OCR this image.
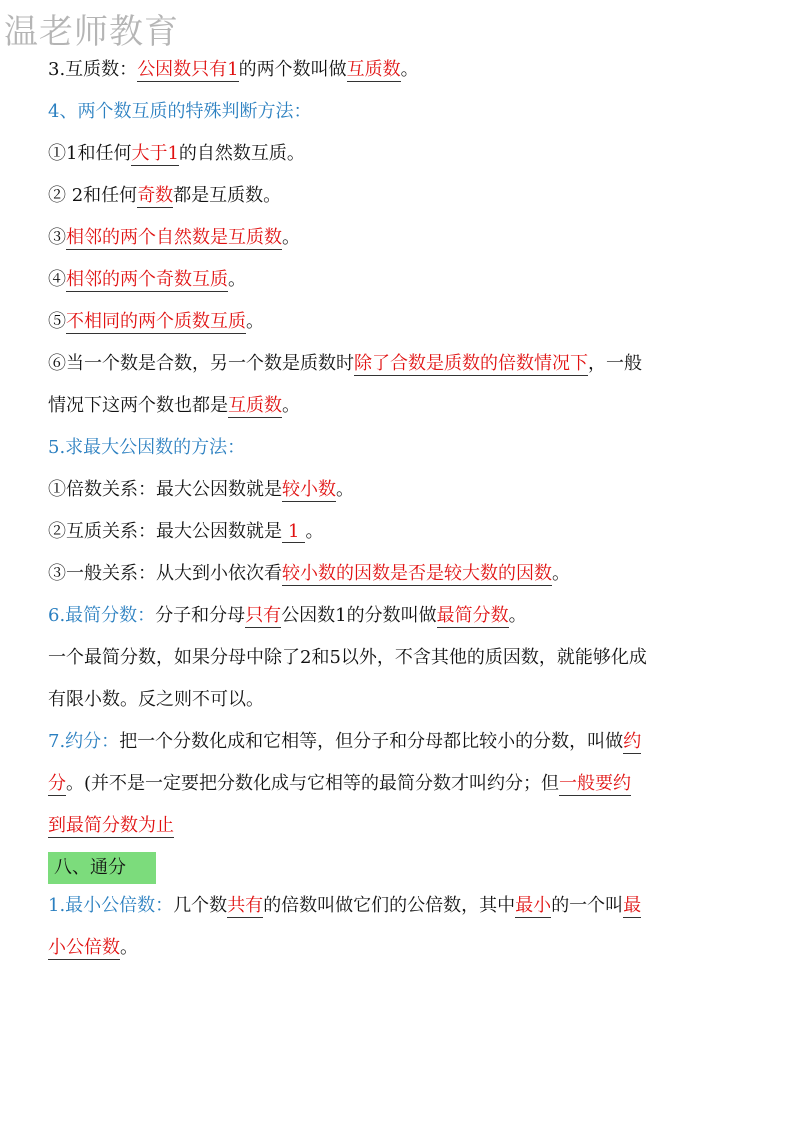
温老师教育
3.互质数：公因数只有1的两个数叫做互质数。
4、两个数互质的特殊判断方法：
①1和任何大于1的自然数互质。
② 2和任何奇数都是互质数。
③相邻的两个自然数是互质数。
④相邻的两个奇数互质。
⑤不相同的两个质数互质。
⑥当一个数是合数，另一个数是质数时除了合数是质数的倍数情况下，一般
情况下这两个数也都是互质数。
5.求最大公因数的方法：
①倍数关系：最大公因数就是较小数。
②互质关系：最大公因数就是 1 。
③一般关系：从大到小依次看较小数的因数是否是较大数的因数。
6.最简分数：分子和分母只有公因数1的分数叫做最简分数。
一个最简分数，如果分母中除了2和5以外，不含其他的质因数，就能够化成
有限小数。反之则不可以。
7.约分：把一个分数化成和它相等，但分子和分母都比较小的分数，叫做约
分。(并不是一定要把分数化成与它相等的最简分数才叫约分；但一般要约
到最简分数为止
八、通分
1.最小公倍数：几个数共有的倍数叫做它们的公倍数，其中最小的一个叫最
小公倍数。
